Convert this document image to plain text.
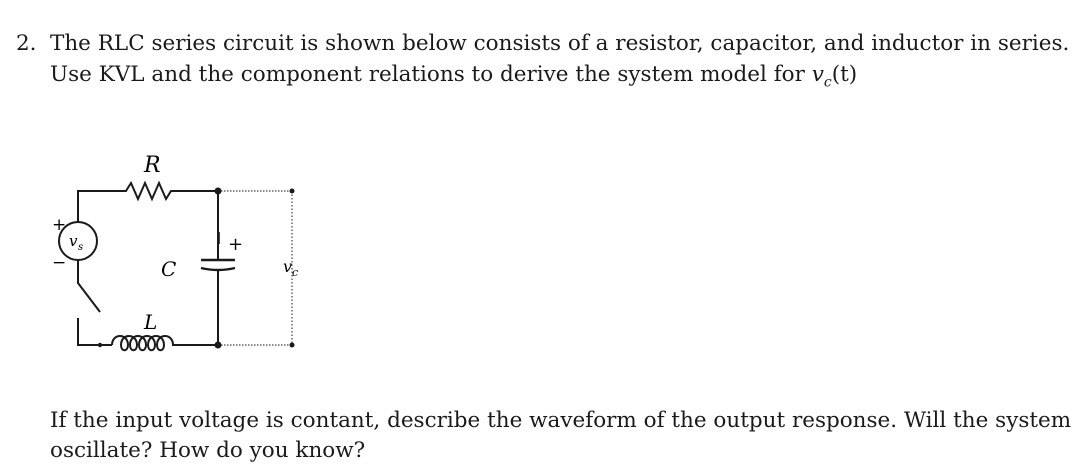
2. The RLC series circuit is shown below consists of a resistor, capacitor, and inductor in series.
Use KVL and the component relations to derive the system model for $v_c(t)$
R
C
L
v s
+
−
+
v c
If the input voltage is contant, describe the waveform of the output response. Will the system
oscillate? How do you know?
